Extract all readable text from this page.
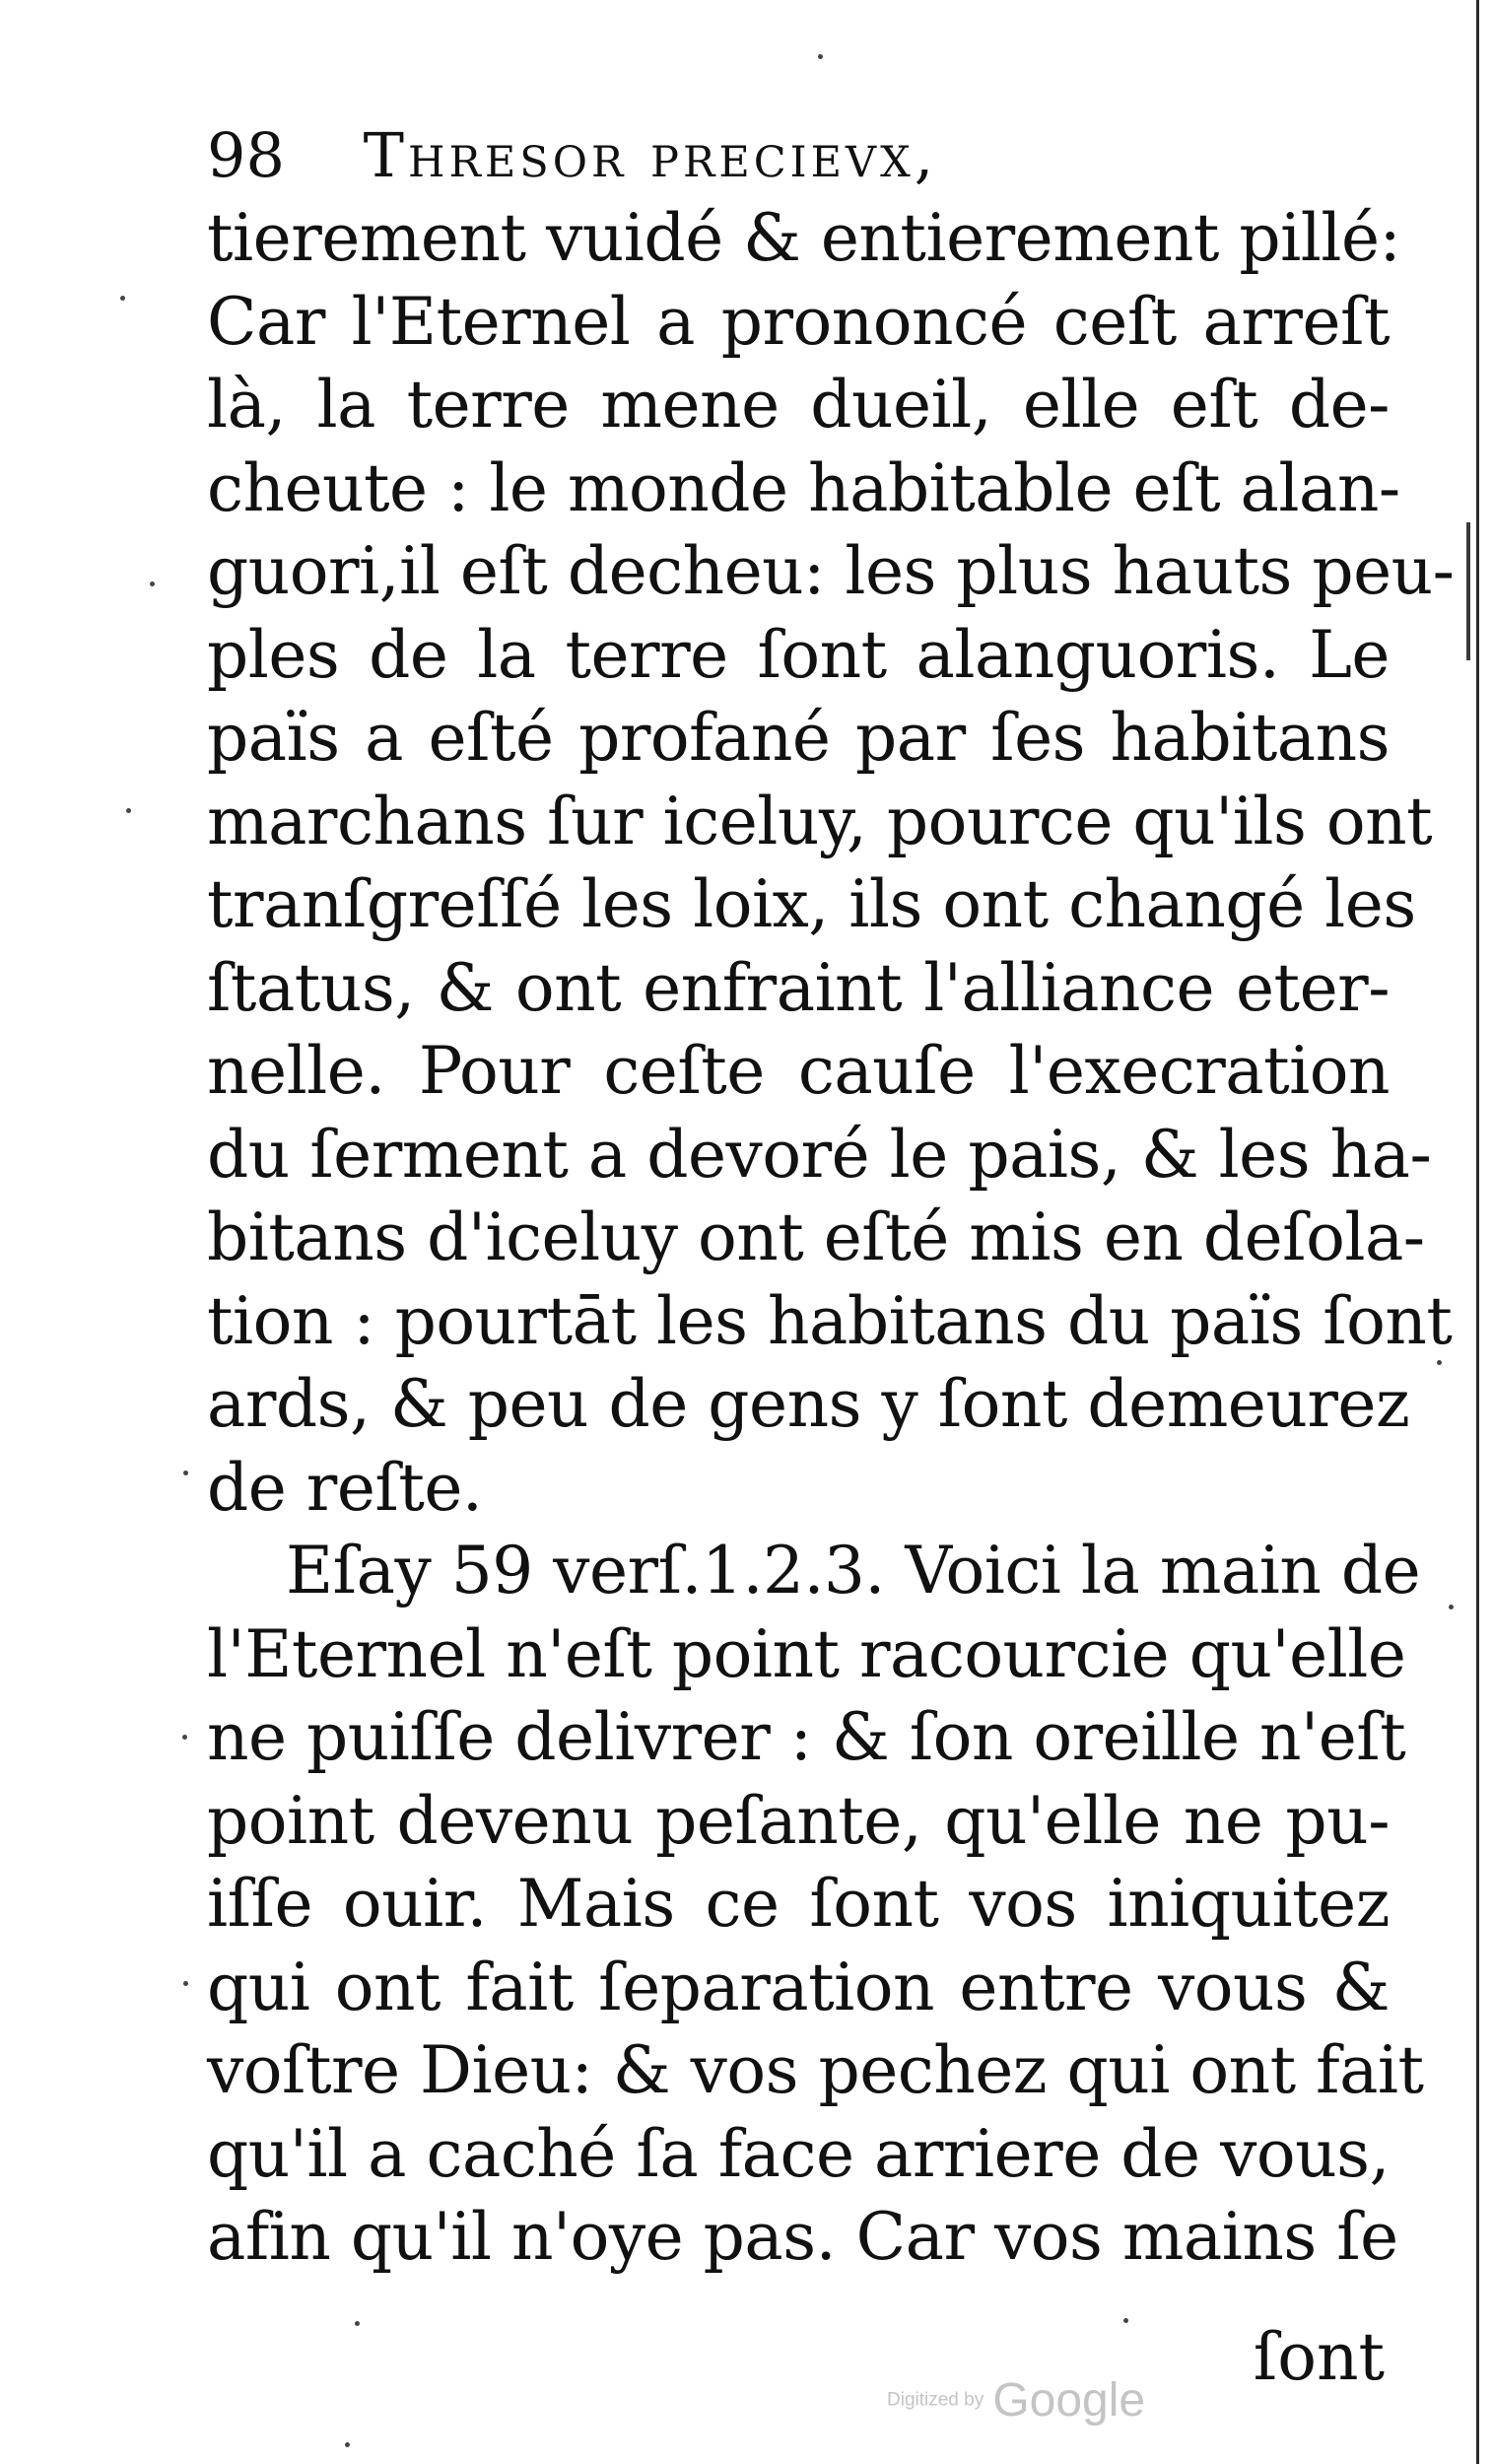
98 Thresor precievx,
tierement vuidé & entierement pillé:
Car l'Eternel a prononcé ceſt arreſt
là, la terre mene dueil, elle eſt de-
cheute : le monde habitable eſt alan-
guori,il eſt decheu: les plus hauts peu-
ples de la terre ſont alanguoris. Le
païs a eſté profané par ſes habitans
marchans ſur iceluy, pource qu'ils ont
tranſgreſſé les loix, ils ont changé les
ſtatus, & ont enfraint l'alliance eter-
nelle. Pour ceſte cauſe l'execration
du ſerment a devoré le pais, & les ha-
bitans d'iceluy ont eſté mis en deſola-
tion : pourtāt les habitans du païs ſont
ards, & peu de gens y ſont demeurez
de reſte.
Eſay 59 verſ.1.2.3. Voici la main de
l'Eternel n'eſt point racourcie qu'elle
ne puiſſe delivrer : & ſon oreille n'eſt
point devenu peſante, qu'elle ne pu-
iſſe ouir. Mais ce ſont vos iniquitez
qui ont fait ſeparation entre vous &
voſtre Dieu: & vos pechez qui ont fait
qu'il a caché ſa face arriere de vous,
afin qu'il n'oye pas. Car vos mains ſe
ſont
Digitized by Google
